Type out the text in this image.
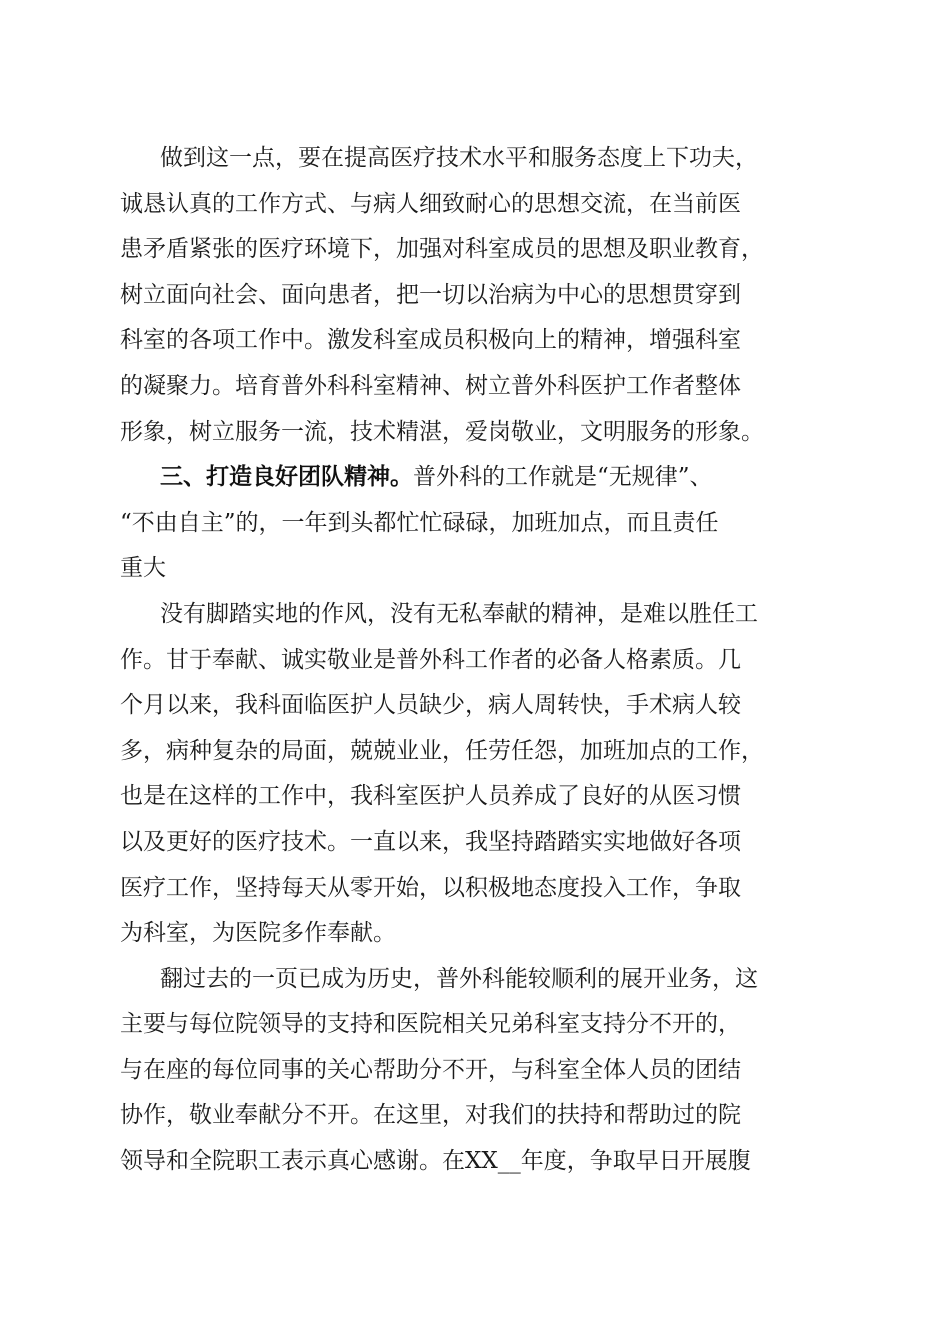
做到这一点，要在提高医疗技术水平和服务态度上下功夫，
诚恳认真的工作方式、与病人细致耐心的思想交流，在当前医
患矛盾紧张的医疗环境下，加强对科室成员的思想及职业教育，
树立面向社会、面向患者，把一切以治病为中心的思想贯穿到
科室的各项工作中。激发科室成员积极向上的精神，增强科室
的凝聚力。培育普外科科室精神、树立普外科医护工作者整体
形象，树立服务一流，技术精湛，爱岗敬业，文明服务的形象。
三、打造良好团队精神。普外科的工作就是“无规律”、
“不由自主”的，一年到头都忙忙碌碌，加班加点，而且责任
重大
没有脚踏实地的作风，没有无私奉献的精神，是难以胜任工
作。甘于奉献、诚实敬业是普外科工作者的必备人格素质。几
个月以来，我科面临医护人员缺少，病人周转快，手术病人较
多，病种复杂的局面，兢兢业业，任劳任怨，加班加点的工作，
也是在这样的工作中，我科室医护人员养成了良好的从医习惯
以及更好的医疗技术。一直以来，我坚持踏踏实实地做好各项
医疗工作，坚持每天从零开始，以积极地态度投入工作，争取
为科室，为医院多作奉献。
翻过去的一页已成为历史，普外科能较顺利的展开业务，这
主要与每位院领导的支持和医院相关兄弟科室支持分不开的，
与在座的每位同事的关心帮助分不开，与科室全体人员的团结
协作，敬业奉献分不开。在这里，对我们的扶持和帮助过的院
领导和全院职工表示真心感谢。在XX__年度，争取早日开展腹
